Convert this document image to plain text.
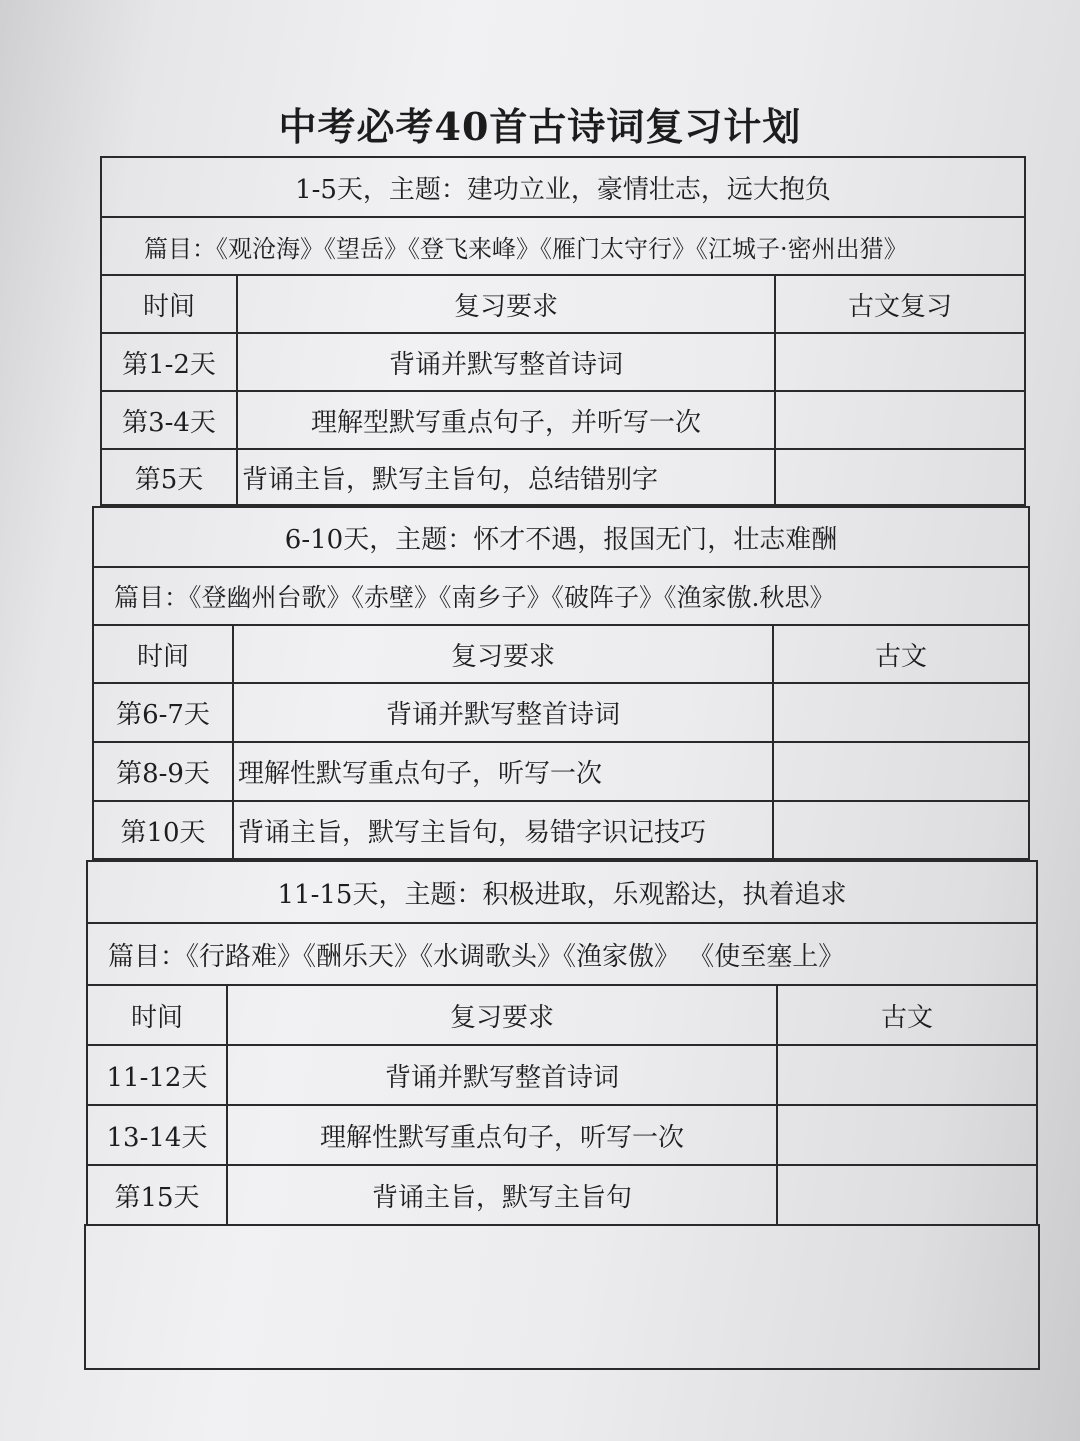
中考必考40首古诗词复习计划
1-5天，主题：建功立业，豪情壮志，远大抱负
篇目：《观沧海》《望岳》《登飞来峰》《雁门太守行》《江城子·密州出猎》
时间	复习要求	古文复习
第1-2天	背诵并默写整首诗词
第3-4天	理解型默写重点句子，并听写一次
第5天	背诵主旨，默写主旨句，总结错别字
6-10天，主题：怀才不遇，报国无门，壮志难酬
篇目：《登幽州台歌》《赤壁》《南乡子》《破阵子》《渔家傲.秋思》
时间	复习要求	古文
第6-7天	背诵并默写整首诗词
第8-9天	理解性默写重点句子，听写一次
第10天	背诵主旨，默写主旨句，易错字识记技巧
11-15天，主题：积极进取，乐观豁达，执着追求
篇目：《行路难》《酬乐天》《水调歌头》《渔家傲》 《使至塞上》
时间	复习要求	古文
11-12天	背诵并默写整首诗词
13-14天	理解性默写重点句子，听写一次
第15天	背诵主旨，默写主旨句
